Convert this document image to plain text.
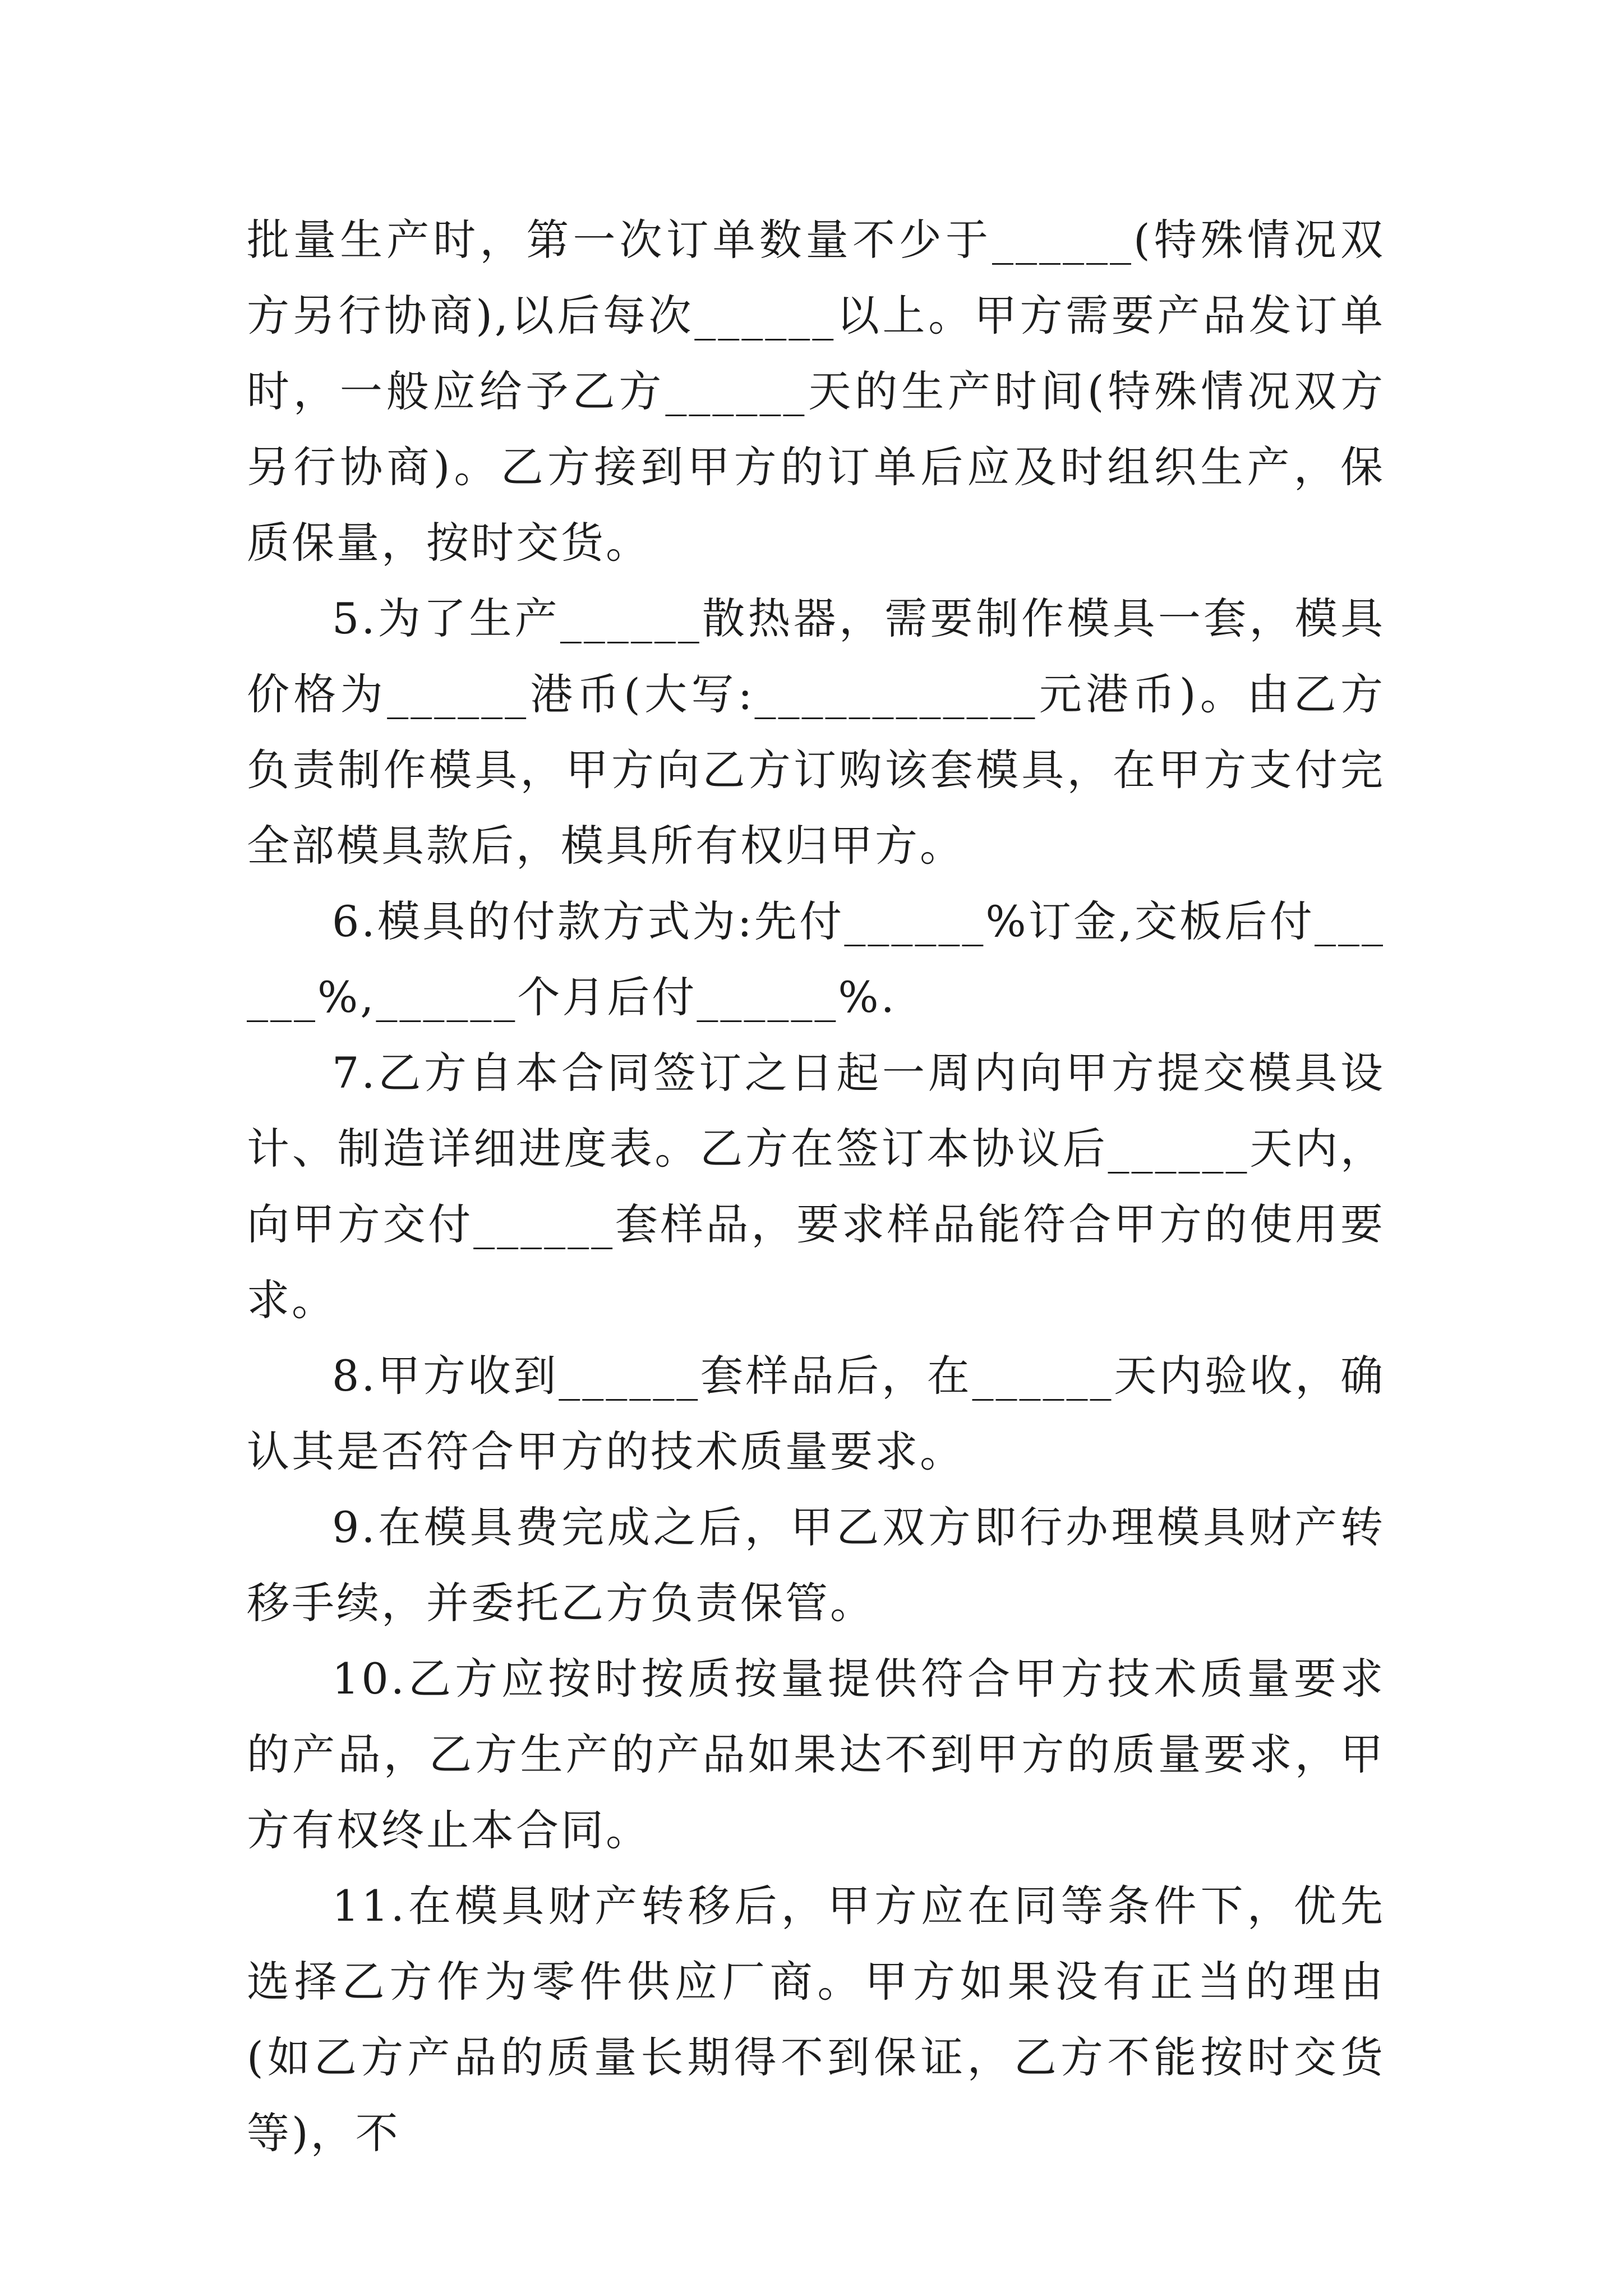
批量生产时，第一次订单数量不少于______(特殊情况双方另行协商),以后每次______以上。甲方需要产品发订单时，一般应给予乙方______天的生产时间(特殊情况双方另行协商)。乙方接到甲方的订单后应及时组织生产，保质保量，按时交货。

5.为了生产______散热器，需要制作模具一套，模具价格为______港币(大写:____________元港币)。由乙方负责制作模具，甲方向乙方订购该套模具，在甲方支付完全部模具款后，模具所有权归甲方。

6.模具的付款方式为:先付______%订金,交板后付______%,______个月后付______%.

7.乙方自本合同签订之日起一周内向甲方提交模具设计、制造详细进度表。乙方在签订本协议后______天内，向甲方交付______套样品，要求样品能符合甲方的使用要求。

8.甲方收到______套样品后，在______天内验收，确认其是否符合甲方的技术质量要求。

9.在模具费完成之后，甲乙双方即行办理模具财产转移手续，并委托乙方负责保管。

10.乙方应按时按质按量提供符合甲方技术质量要求的产品，乙方生产的产品如果达不到甲方的质量要求，甲方有权终止本合同。

11.在模具财产转移后，甲方应在同等条件下，优先选择乙方作为零件供应厂商。甲方如果没有正当的理由(如乙方产品的质量长期得不到保证，乙方不能按时交货等)，不
